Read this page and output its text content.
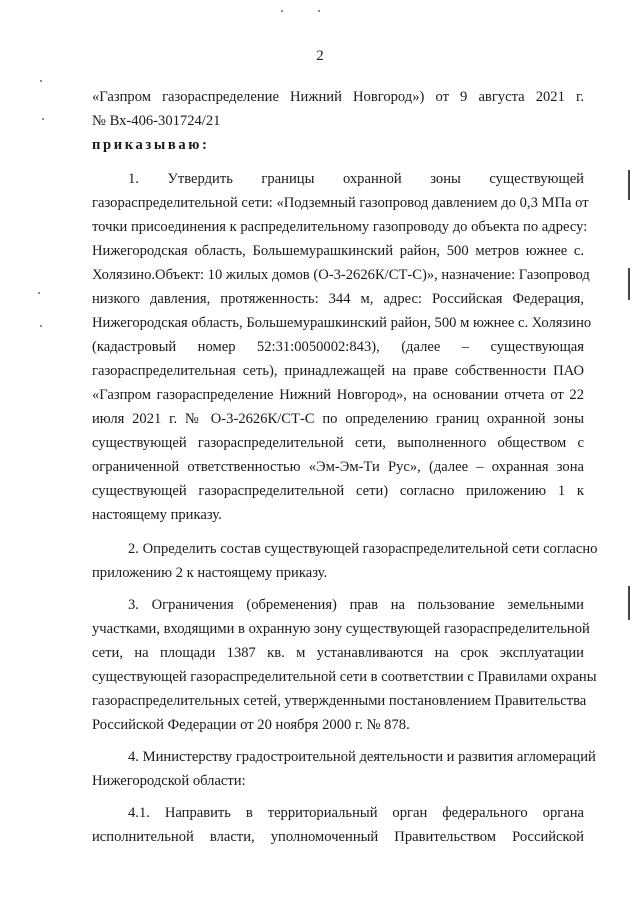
2
«Газпром газораспределение Нижний Новгород») от 9 августа 2021 г.
№ Вх-406-301724/21
приказываю:
1. Утвердить границы охранной зоны существующей
газораспределительной сети: «Подземный газопровод давлением до 0,3 МПа от
точки присоединения к распределительному газопроводу до объекта по адресу:
Нижегородская область, Большемурашкинский район, 500 метров южнее с.
Холязино.Объект: 10 жилых домов (О-3-2626К/СТ-С)», назначение: Газопровод
низкого давления, протяженность: 344 м, адрес: Российская Федерация,
Нижегородская область, Большемурашкинский район, 500 м южнее с. Холязино
(кадастровый номер 52:31:0050002:843), (далее – существующая
газораспределительная сеть), принадлежащей на праве собственности ПАО
«Газпром газораспределение Нижний Новгород», на основании отчета от 22
июля 2021 г. № О-3-2626К/СТ-С по определению границ охранной зоны
существующей газораспределительной сети, выполненного обществом с
ограниченной ответственностью «Эм-Эм-Ти Рус», (далее – охранная зона
существующей газораспределительной сети) согласно приложению 1 к
настоящему приказу.
2. Определить состав существующей газораспределительной сети согласно
приложению 2 к настоящему приказу.
3. Ограничения (обременения) прав на пользование земельными
участками, входящими в охранную зону существующей газораспределительной
сети, на площади 1387 кв. м устанавливаются на срок эксплуатации
существующей газораспределительной сети в соответствии с Правилами охраны
газораспределительных сетей, утвержденными постановлением Правительства
Российской Федерации от 20 ноября 2000 г. № 878.
4. Министерству градостроительной деятельности и развития агломераций
Нижегородской области:
4.1. Направить в территориальный орган федерального органа
исполнительной власти, уполномоченный Правительством Российской
